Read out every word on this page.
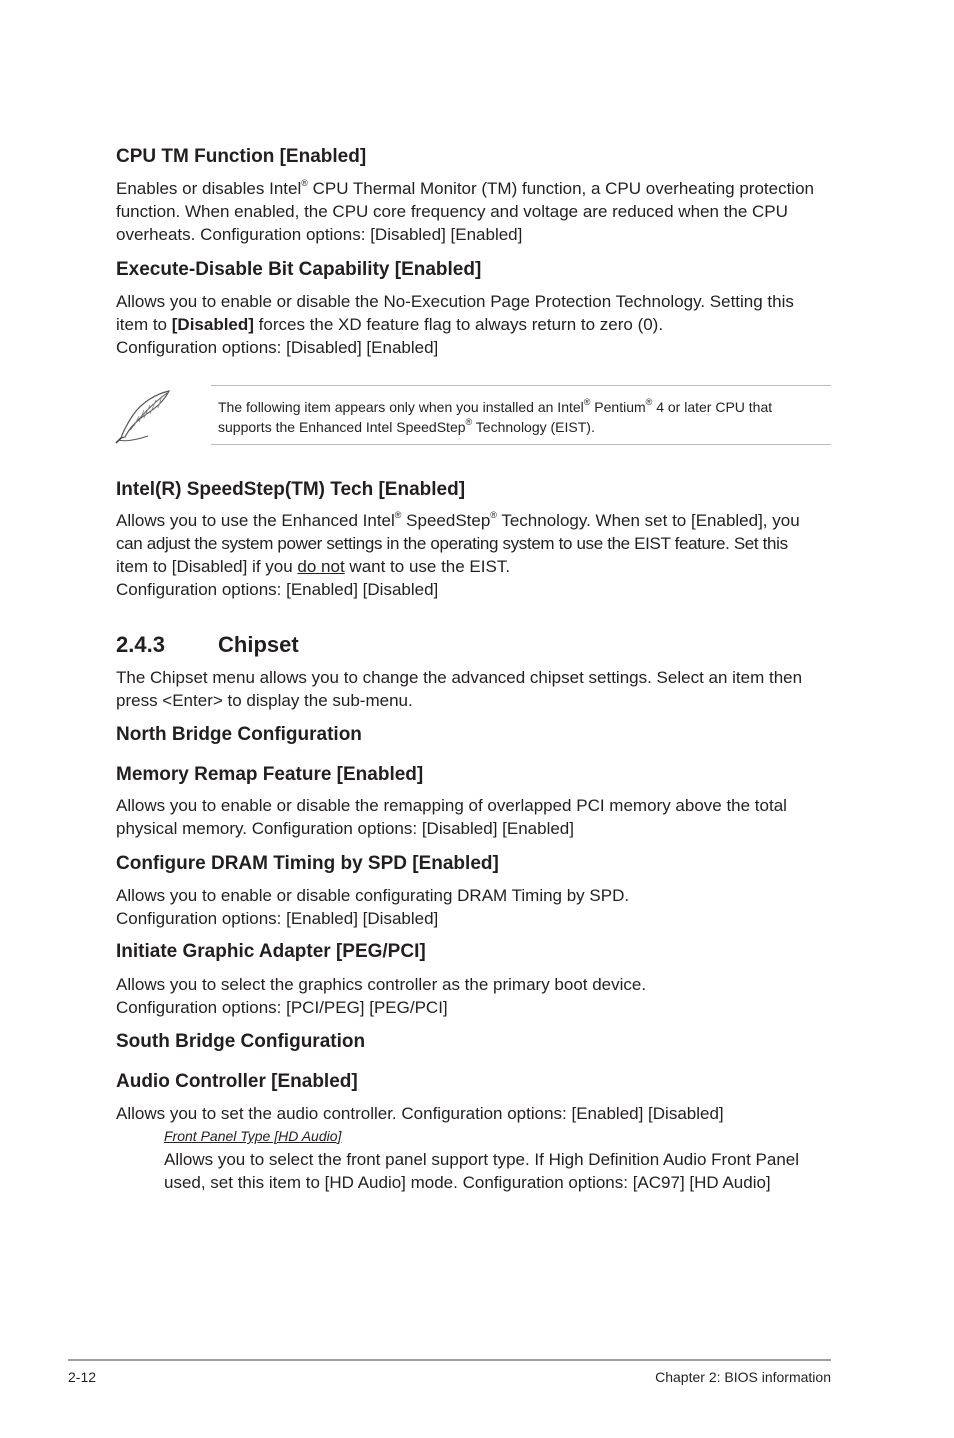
CPU TM Function [Enabled]

Enables or disables Intel® CPU Thermal Monitor (TM) function, a CPU overheating protection
function. When enabled, the CPU core frequency and voltage are reduced when the CPU
overheats. Configuration options: [Disabled] [Enabled]

Execute-Disable Bit Capability [Enabled]

Allows you to enable or disable the No-Execution Page Protection Technology. Setting this
item to [Disabled] forces the XD feature flag to always return to zero (0).
Configuration options: [Disabled] [Enabled]

The following item appears only when you installed an Intel® Pentium® 4 or later CPU that
supports the Enhanced Intel SpeedStep® Technology (EIST).

Intel(R) SpeedStep(TM) Tech [Enabled]

Allows you to use the Enhanced Intel® SpeedStep® Technology. When set to [Enabled], you
can adjust the system power settings in the operating system to use the EIST feature. Set this
item to [Disabled] if you do not want to use the EIST.
Configuration options: [Enabled] [Disabled]

2.4.3 Chipset

The Chipset menu allows you to change the advanced chipset settings. Select an item then
press <Enter> to display the sub-menu.

North Bridge Configuration
Memory Remap Feature [Enabled]

Allows you to enable or disable the remapping of overlapped PCI memory above the total
physical memory. Configuration options: [Disabled] [Enabled]

Configure DRAM Timing by SPD [Enabled]

Allows you to enable or disable configurating DRAM Timing by SPD.
Configuration options: [Enabled] [Disabled]

Initiate Graphic Adapter [PEG/PCI]

Allows you to select the graphics controller as the primary boot device.
Configuration options: [PCI/PEG] [PEG/PCI]

South Bridge Configuration
Audio Controller [Enabled]

Allows you to set the audio controller. Configuration options: [Enabled] [Disabled]

Front Panel Type [HD Audio]

Allows you to select the front panel support type. If High Definition Audio Front Panel
used, set this item to [HD Audio] mode. Configuration options: [AC97] [HD Audio]

2-12	Chapter 2: BIOS information
